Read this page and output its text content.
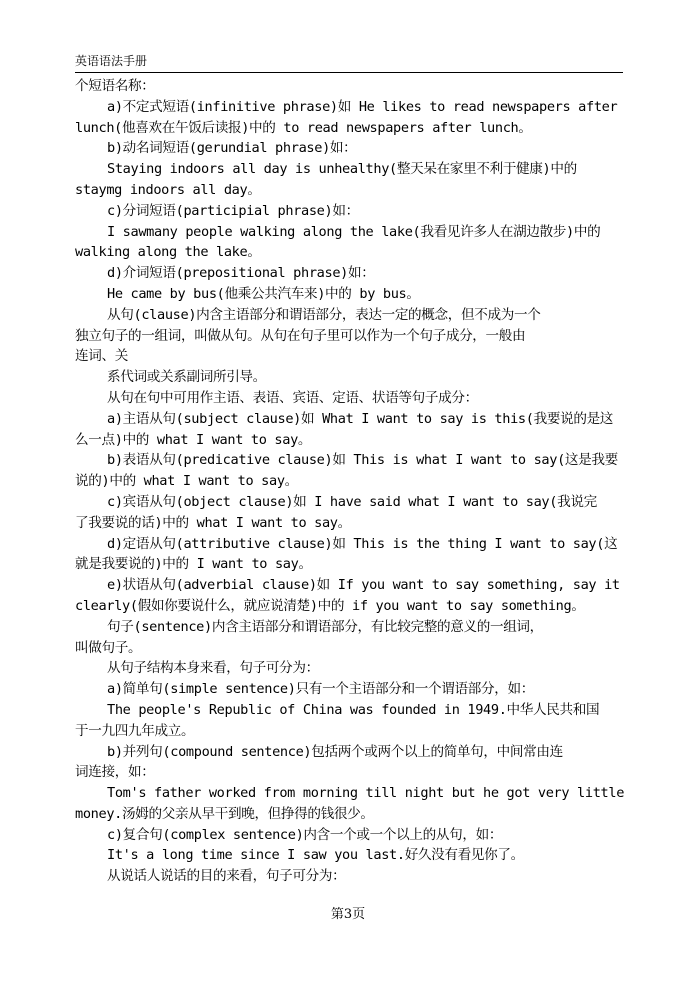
英语语法手册
个短语名称：
a)不定式短语(infinitive phrase)如 He likes to read newspapers after
lunch(他喜欢在午饭后读报)中的 to read newspapers after lunch。
b)动名词短语(gerundial phrase)如：
Staying indoors all day is unhealthy(整天呆在家里不利于健康)中的
staymg indoors all day。
c)分词短语(participial phrase)如：
I sawmany people walking along the lake(我看见许多人在湖边散步)中的
walking along the lake。
d)介词短语(prepositional phrase)如：
He came by bus(他乘公共汽车来)中的 by bus。
从句(clause)内含主语部分和谓语部分，表达一定的概念，但不成为一个
独立句子的一组词，叫做从句。从句在句子里可以作为一个句子成分，一般由
连词、关
系代词或关系副词所引导。
从句在句中可用作主语、表语、宾语、定语、状语等句子成分：
a)主语从句(subject clause)如 What I want to say is this(我要说的是这
么一点)中的 what I want to say。
b)表语从句(predicative clause)如 This is what I want to say(这是我要
说的)中的 what I want to say。
c)宾语从句(object clause)如 I have said what I want to say(我说完
了我要说的话)中的 what I want to say。
d)定语从句(attributive clause)如 This is the thing I want to say(这
就是我要说的)中的 I want to say。
e)状语从句(adverbial clause)如 If you want to say something, say it
clearly(假如你要说什么，就应说清楚)中的 if you want to say something。
句子(sentence)内含主语部分和谓语部分，有比较完整的意义的一组词，
叫做句子。
从句子结构本身来看，句子可分为：
a)简单句(simple sentence)只有一个主语部分和一个谓语部分，如：
The people's Republic of China was founded in 1949.中华人民共和国
于一九四九年成立。
b)并列句(compound sentence)包括两个或两个以上的简单句，中间常由连
词连接，如：
Tom's father worked from morning till night but he got very little
money.汤姆的父亲从早干到晚，但挣得的钱很少。
c)复合句(complex sentence)内含一个或一个以上的从句，如：
It's a long time since I saw you last.好久没有看见你了。
从说话人说话的目的来看，句子可分为：
第3页
